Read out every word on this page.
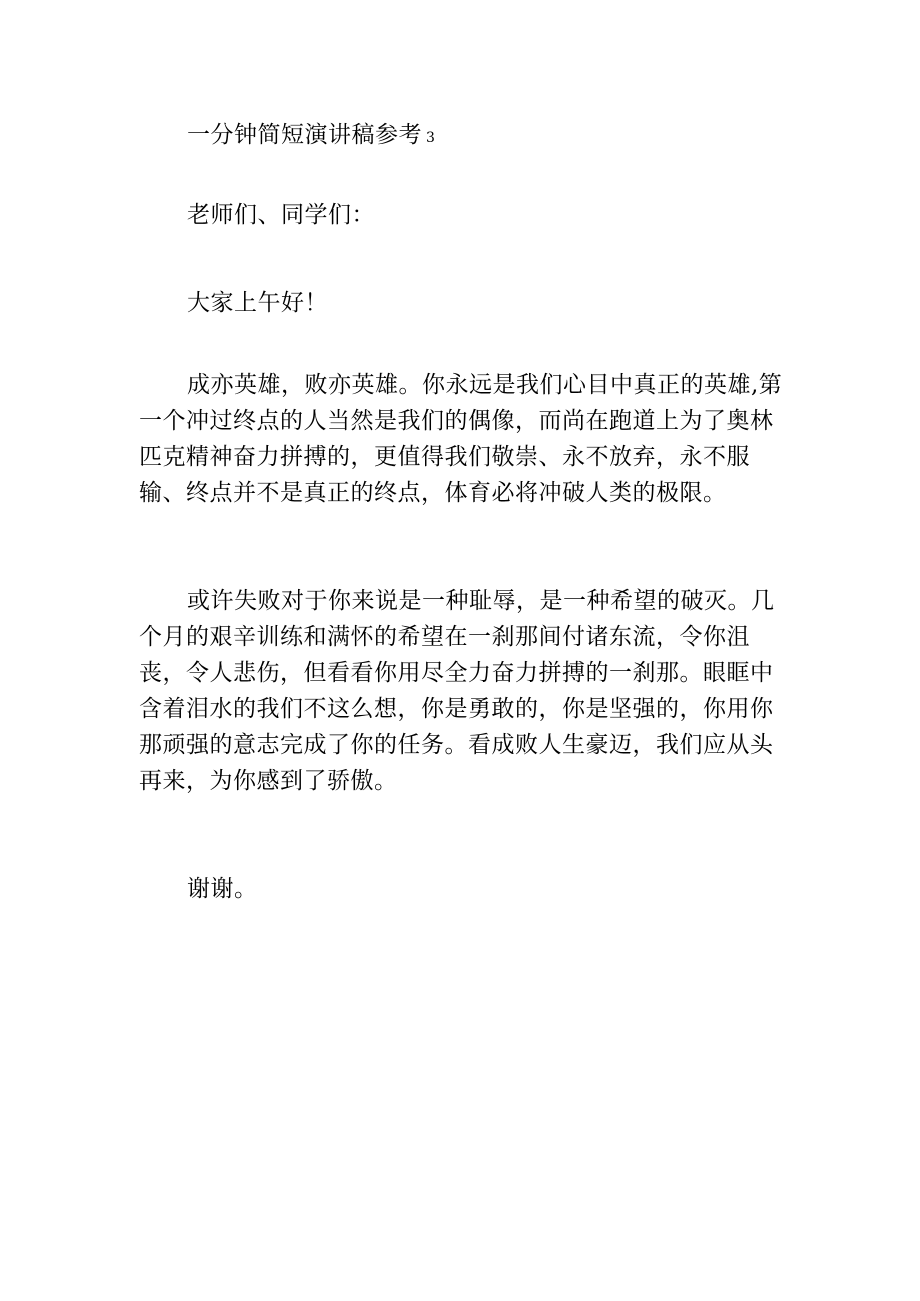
一分钟简短演讲稿参考 3
老师们、同学们：
大家上午好！
成亦英雄，败亦英雄。你永远是我们心目中真正的英雄,第一个冲过终点的人当然是我们的偶像，而尚在跑道上为了奥林匹克精神奋力拼搏的，更值得我们敬崇、永不放弃，永不服输、终点并不是真正的终点，体育必将冲破人类的极限。
或许失败对于你来说是一种耻辱，是一种希望的破灭。几个月的艰辛训练和满怀的希望在一刹那间付诸东流，令你沮丧，令人悲伤，但看看你用尽全力奋力拼搏的一刹那。眼眶中含着泪水的我们不这么想，你是勇敢的，你是坚强的，你用你那顽强的意志完成了你的任务。看成败人生豪迈，我们应从头再来，为你感到了骄傲。
谢谢。
